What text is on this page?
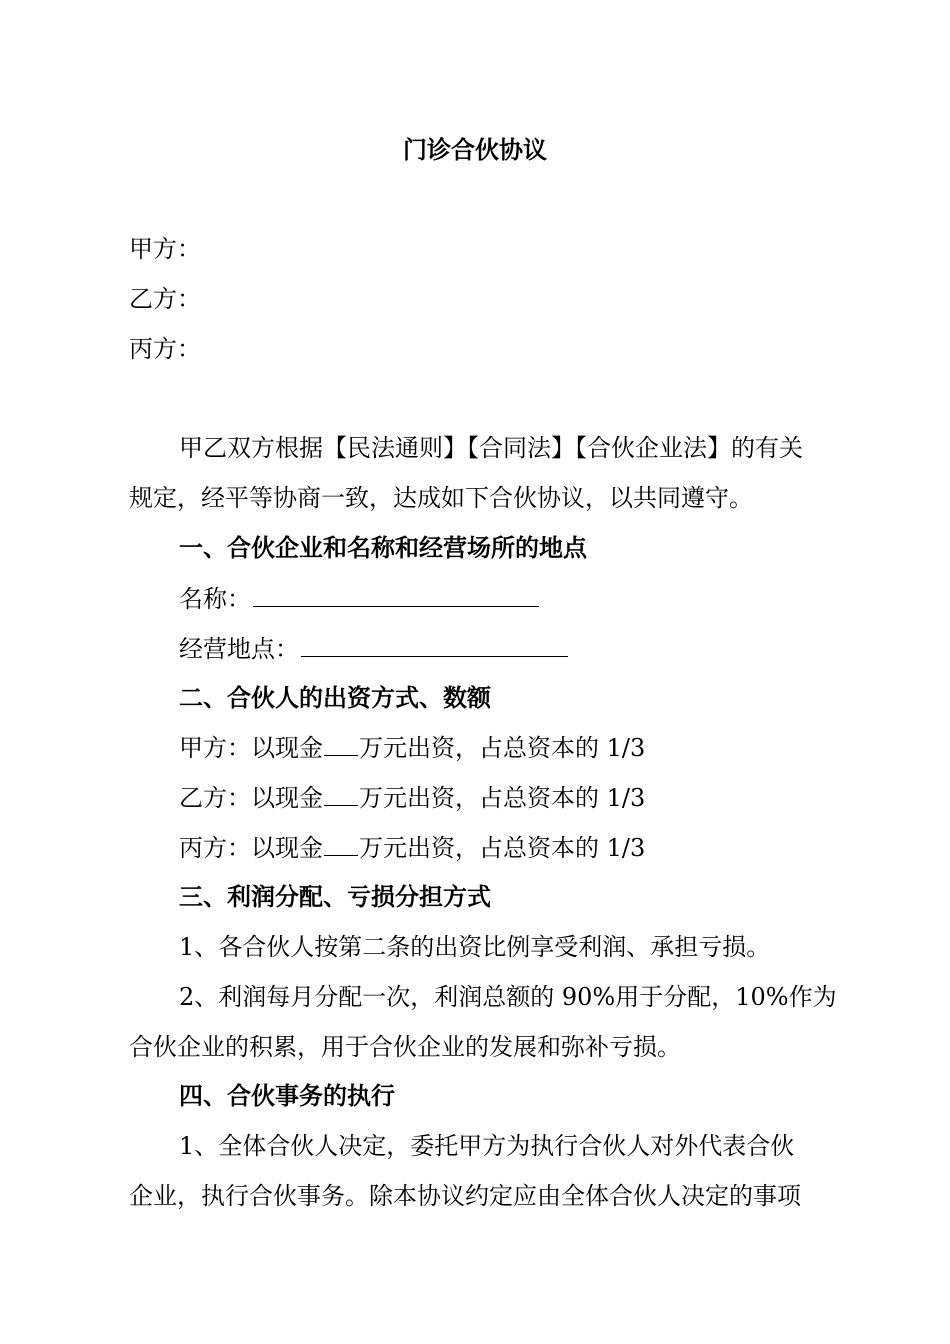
门诊合伙协议
甲方：
乙方：
丙方：
甲乙双方根据【民法通则】【合同法】【合伙企业法】的有关
规定，经平等协商一致，达成如下合伙协议，以共同遵守。
一、合伙企业和名称和经营场所的地点
名称：
经营地点：
二、合伙人的出资方式、数额
甲方：以现金 万元出资，占总资本的 1/3
乙方：以现金 万元出资，占总资本的 1/3
丙方：以现金 万元出资，占总资本的 1/3
三、利润分配、亏损分担方式
1、各合伙人按第二条的出资比例享受利润、承担亏损。
2、利润每月分配一次，利润总额的 90%用于分配，10%作为
合伙企业的积累，用于合伙企业的发展和弥补亏损。
四、合伙事务的执行
1、全体合伙人决定，委托甲方为执行合伙人对外代表合伙
企业，执行合伙事务。除本协议约定应由全体合伙人决定的事项
